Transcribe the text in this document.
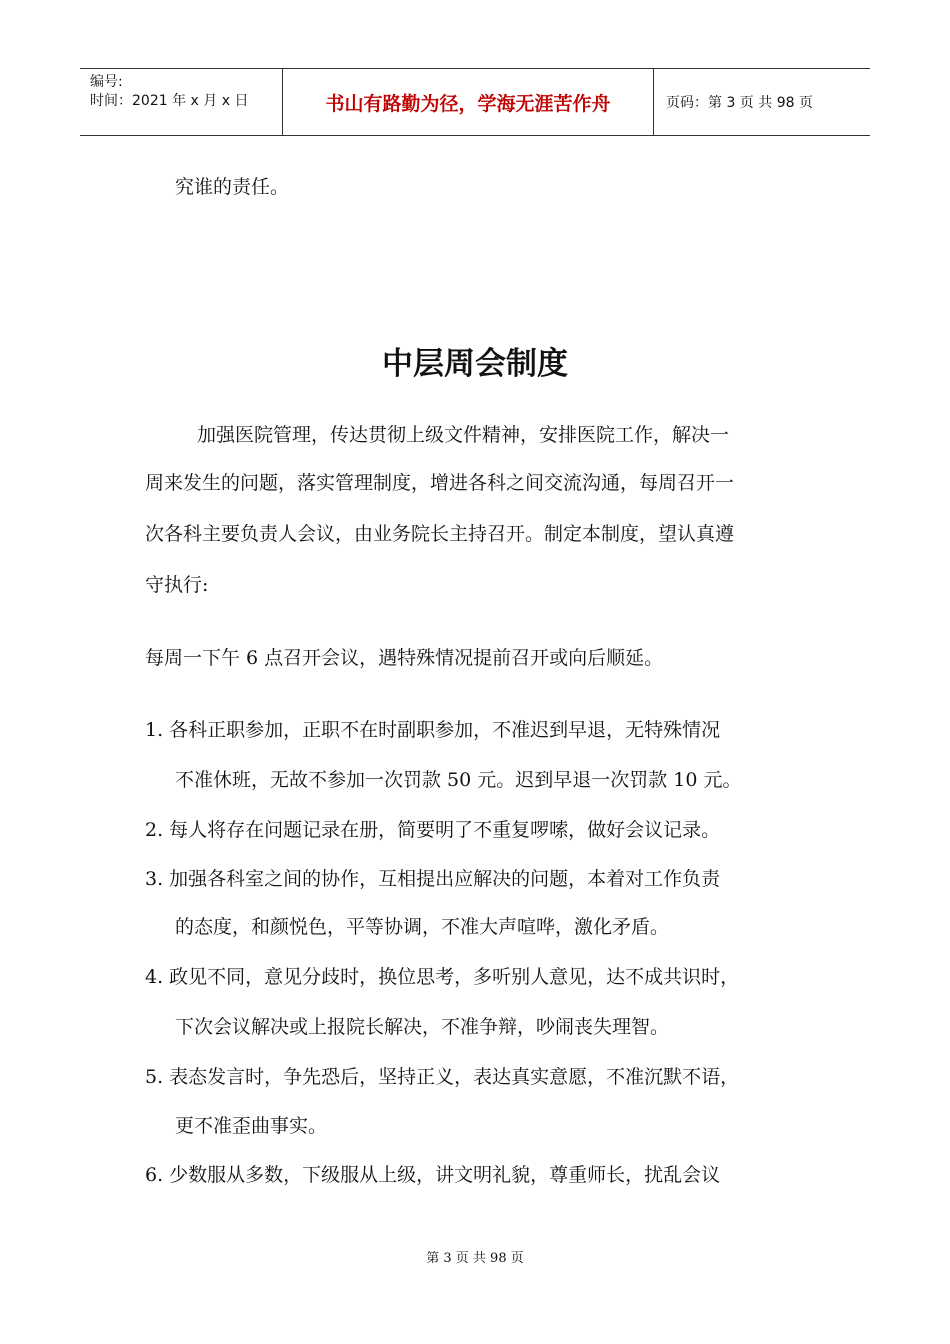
编号:
时间：2021 年 x 月 x 日	书山有路勤为径，学海无涯苦作舟	页码：第 3 页 共 98 页
究谁的责任。
加强医院管理，传达贯彻上级文件精神，安排医院工作，解决一
周来发生的问题，落实管理制度，增进各科之间交流沟通，每周召开一
次各科主要负责人会议，由业务院长主持召开。制定本制度，望认真遵
守执行:
每周一下午 6 点召开会议，遇特殊情况提前召开或向后顺延。
1. 各科正职参加，正职不在时副职参加，不准迟到早退，无特殊情况
不准休班，无故不参加一次罚款 50 元。迟到早退一次罚款 10 元。
2. 每人将存在问题记录在册，简要明了不重复啰嗦，做好会议记录。
3. 加强各科室之间的协作，互相提出应解决的问题，本着对工作负责
的态度，和颜悦色，平等协调，不准大声喧哗，激化矛盾。
4. 政见不同，意见分歧时，换位思考，多听别人意见，达不成共识时，
下次会议解决或上报院长解决，不准争辩，吵闹丧失理智。
5. 表态发言时，争先恐后，坚持正义，表达真实意愿，不准沉默不语，
更不准歪曲事实。
6. 少数服从多数，下级服从上级，讲文明礼貌，尊重师长，扰乱会议
中层周会制度
第 3 页 共 98 页
